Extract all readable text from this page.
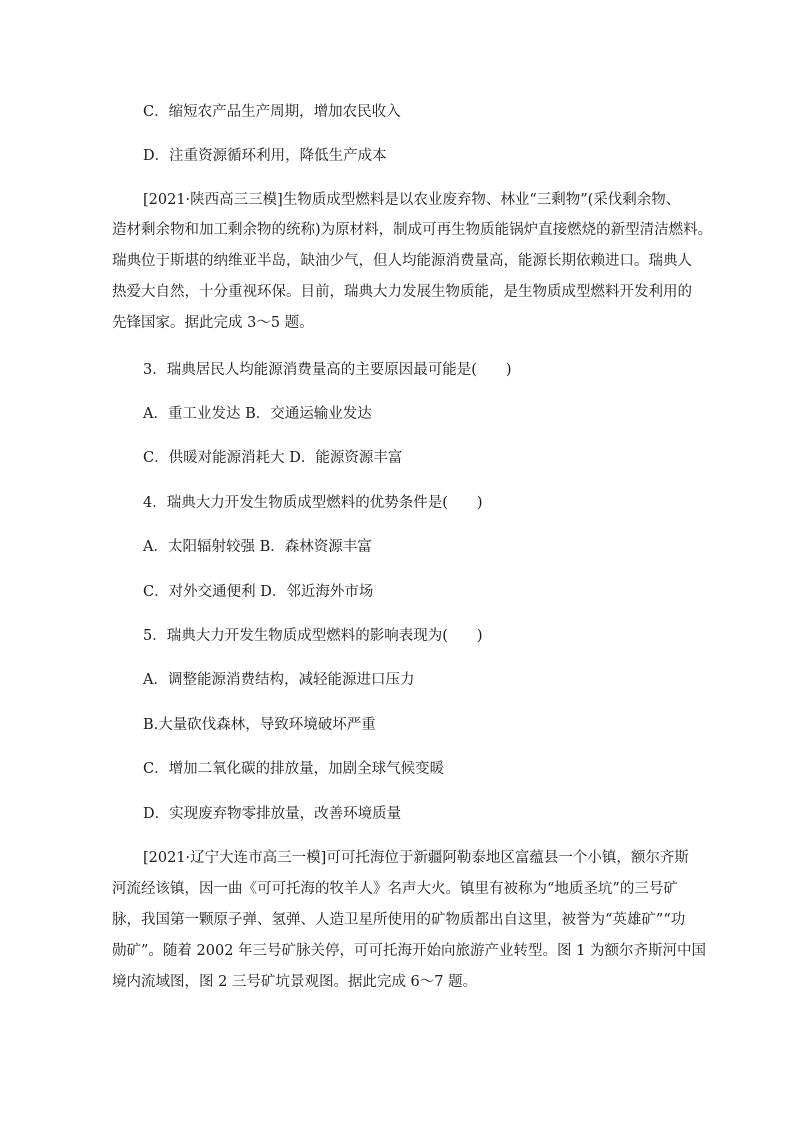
C．缩短农产品生产周期，增加农民收入
D．注重资源循环利用，降低生产成本
[2021·陕西高三三模]生物质成型燃料是以农业废弃物、林业“三剩物”(采伐剩余物、
造材剩余物和加工剩余物的统称)为原材料，制成可再生物质能锅炉直接燃烧的新型清洁燃料。
瑞典位于斯堪的纳维亚半岛，缺油少气，但人均能源消费量高，能源长期依赖进口。瑞典人
热爱大自然，十分重视环保。目前，瑞典大力发展生物质能，是生物质成型燃料开发利用的
先锋国家。据此完成 3～5 题。
3．瑞典居民人均能源消费量高的主要原因最可能是(　　)
A．重工业发达 B．交通运输业发达
C．供暖对能源消耗大 D．能源资源丰富
4．瑞典大力开发生物质成型燃料的优势条件是(　　)
A．太阳辐射较强 B．森林资源丰富
C．对外交通便利 D．邻近海外市场
5．瑞典大力开发生物质成型燃料的影响表现为(　　)
A．调整能源消费结构，减轻能源进口压力
B.大量砍伐森林，导致环境破坏严重
C．增加二氧化碳的排放量，加剧全球气候变暖
D．实现废弃物零排放量，改善环境质量
[2021·辽宁大连市高三一模]可可托海位于新疆阿勒泰地区富蕴县一个小镇，额尔齐斯
河流经该镇，因一曲《可可托海的牧羊人》名声大火。镇里有被称为“地质圣坑”的三号矿
脉，我国第一颗原子弹、氢弹、人造卫星所使用的矿物质都出自这里，被誉为“英雄矿”“功
勋矿”。随着 2002 年三号矿脉关停，可可托海开始向旅游产业转型。图 1 为额尔齐斯河中国
境内流域图，图 2 三号矿坑景观图。据此完成 6～7 题。
